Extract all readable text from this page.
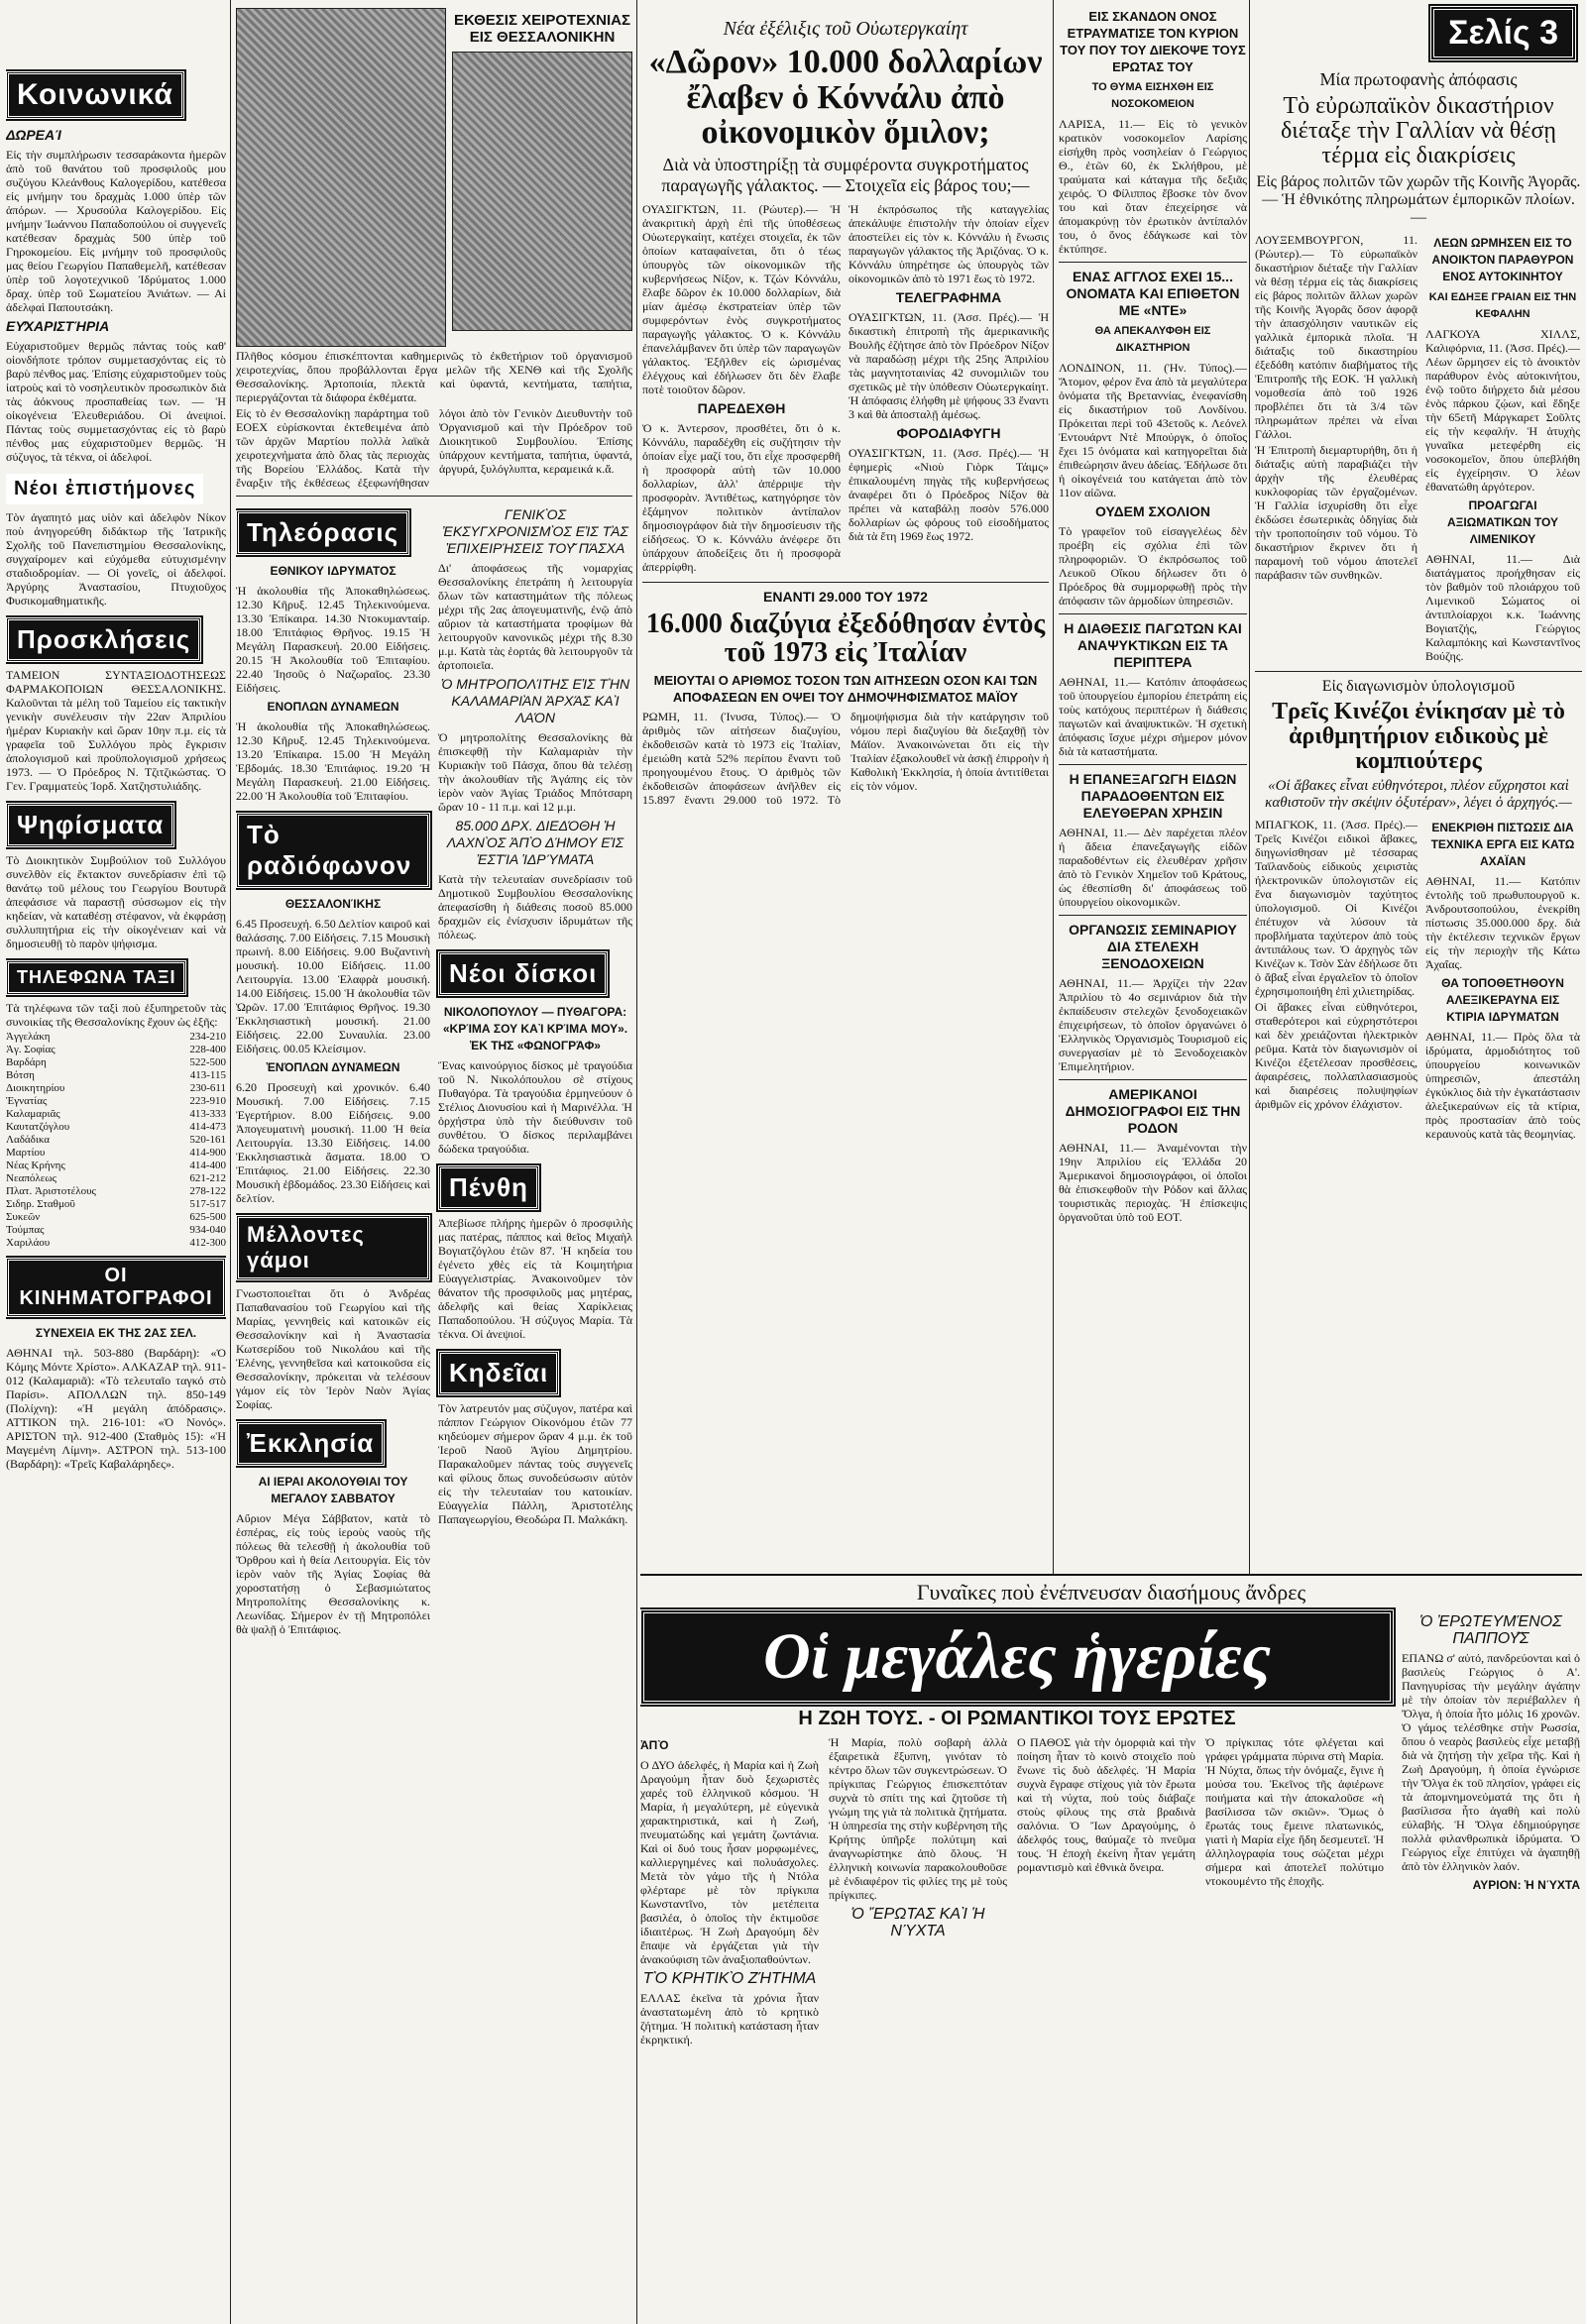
Κοινωνικά
ΔΩΡΕΑΊ

Εἰς τὴν συμπλήρωσιν τεσσαράκοντα ἡμερῶν ἀπὸ τοῦ θανάτου τοῦ προσφιλοῦς μου συζύγου Κλεάνθους Καλογερίδου, κατέθεσα εἰς μνήμην του δραχμὰς 1.000 ὑπὲρ τῶν ἀπόρων. — Χρυσούλα Καλογερίδου. Εἰς μνήμην Ἰωάννου Παπαδοπούλου οἱ συγγενεῖς κατέθεσαν δραχμὰς 500 ὑπὲρ τοῦ Γηροκομείου. Εἰς μνήμην τοῦ προσφιλοῦς μας θείου Γεωργίου Παπαθεμελῆ, κατέθεσαν ὑπὲρ τοῦ λογοτεχνικοῦ Ἰδρύματος 1.000 δραχ. ὑπὲρ τοῦ Σωματείου Ἀνιάτων. — Αἱ ἀδελφαὶ Παπουτσάκη.

ΕΥ̓ΧΑΡΙΣΤΉΡΙΑ

Εὐχαριστοῦμεν θερμῶς πάντας τοὺς καθ' οἱονδήποτε τρόπον συμμετασχόντας εἰς τὸ βαρὺ πένθος μας. Ἐπίσης εὐχαριστοῦμεν τοὺς ἰατροὺς καὶ τὸ νοσηλευτικὸν προσωπικὸν διὰ τὰς ἀόκνους προσπαθείας των. — Ἡ οἰκογένεια Ἐλευθεριάδου. Οἱ ἀνεψιοί. Πάντας τοὺς συμμετασχόντας εἰς τὸ βαρὺ πένθος μας εὐχαριστοῦμεν θερμῶς. Ἡ σύζυγος, τὰ τέκνα, οἱ ἀδελφοί.

Νέοι ἐπιστήμονες

Τὸν ἀγαπητό μας υἱὸν καὶ ἀδελφὸν Νίκον ποὺ ἀνηγορεύθη διδάκτωρ τῆς Ἰατρικῆς Σχολῆς τοῦ Πανεπιστημίου Θεσσαλονίκης, συγχαίρομεν καὶ εὐχόμεθα εὐτυχισμένην σταδιοδρομίαν. — Οἱ γονεῖς, οἱ ἀδελφοί. Ἀργύρης Ἀναστασίου, Πτυχιοῦχος Φυσικομαθηματικῆς.

Προσκλήσεις

ΤΑΜΕΙΟΝ ΣΥΝΤΑΞΙΟΔΟΤΗΣΕΩΣ ΦΑΡΜΑΚΟΠΟΙΩΝ ΘΕΣΣΑΛΟΝΙΚΗΣ. Καλοῦνται τὰ μέλη τοῦ Ταμείου εἰς τακτικὴν γενικὴν συνέλευσιν τὴν 22αν Ἀπριλίου ἡμέραν Κυριακὴν καὶ ὥραν 10ην π.μ. εἰς τὰ γραφεῖα τοῦ Συλλόγου πρὸς ἔγκρισιν ἀπολογισμοῦ καὶ προϋπολογισμοῦ χρήσεως 1973. — Ὁ Πρόεδρος Ν. Τζιτζικώστας. Ὁ Γεν. Γραμματεὺς Ἰορδ. Χατζηστυλιάδης.

Ψηφίσματα

Τὸ Διοικητικὸν Συμβούλιον τοῦ Συλλόγου συνελθὸν εἰς ἔκτακτον συνεδρίασιν ἐπὶ τῷ θανάτῳ τοῦ μέλους του Γεωργίου Βουτυρᾶ ἀπεφάσισε νὰ παραστῇ σύσσωμον εἰς τὴν κηδείαν, νὰ καταθέσῃ στέφανον, νὰ ἐκφράσῃ συλλυπητήρια εἰς τὴν οἰκογένειαν καὶ νὰ δημοσιευθῇ τὸ παρὸν ψήφισμα.

ΤΗΛΕΦΩΝΑ ΤΑΞΙ

Τὰ τηλέφωνα τῶν ταξὶ ποὺ ἐξυπηρετοῦν τὰς συνοικίας τῆς Θεσσαλονίκης ἔχουν ὡς ἑξῆς:

Ἀγγελάκη	234-210
Ἀγ. Σοφίας	228-400
Βαρδάρη	522-500
Βότση	413-115
Διοικητηρίου	230-611
Ἐγνατίας	223-910
Καλαμαριᾶς	413-333
Καυτατζόγλου	414-473
Λαδάδικα	520-161
Μαρτίου	414-900
Νέας Κρήνης	414-400
Νεαπόλεως	621-212
Πλατ. Ἀριστοτέλους	278-122
Σιδηρ. Σταθμοῦ	517-517
Συκεῶν	625-500
Τούμπας	934-040
Χαριλάου	412-300
ΟΙ ΚΙΝΗΜΑΤΟΓΡΑΦΟΙ
ΣΥΝΕΧΕΙΑ ΕΚ ΤΗΣ 2ΑΣ ΣΕΛ.

ΑΘΗΝΑΙ τηλ. 503-880 (Βαρδάρη): «Ὁ Κόμης Μόντε Χρίστο». ΑΛΚΑΖΑΡ τηλ. 911-012 (Καλαμαριᾶ): «Τὸ τελευταῖο ταγκό στὸ Παρίσι». ΑΠΟΛΛΩΝ τηλ. 850-149 (Πολίχνη): «Ἡ μεγάλη ἀπόδρασις». ΑΤΤΙΚΟΝ τηλ. 216-101: «Ὁ Νονός». ΑΡΙΣΤΟΝ τηλ. 912-400 (Σταθμὸς 15): «Ἡ Μαγεμένη Λίμνη». ΑΣΤΡΟΝ τηλ. 513-100 (Βαρδάρη): «Τρεῖς Καβαλάρηδες».

ΕΚΘΕΣΙΣ ΧΕΙΡΟΤΕΧΝΙΑΣ ΕΙΣ ΘΕΣΣΑΛΟΝΙΚΗΝ

Πλῆθος κόσμου ἐπισκέπτονται καθημερινῶς τὸ ἐκθετήριον τοῦ ὀργανισμοῦ χειροτεχνίας, ὅπου προβάλλονται ἔργα μελῶν τῆς ΧΕΝΘ καὶ τῆς Σχολῆς Θεσσαλονίκης. Ἀρτοποιία, πλεκτὰ καὶ ὑφαντά, κεντήματα, ταπήτια, περιεργάζονται τὰ διάφορα ἐκθέματα.

Εἰς τὸ ἐν Θεσσαλονίκῃ παράρτημα τοῦ ΕΟΕΧ εὑρίσκονται ἐκτεθειμένα ἀπὸ τῶν ἀρχῶν Μαρτίου πολλὰ λαϊκὰ χειροτεχνήματα ἀπὸ ὅλας τὰς περιοχὰς τῆς Βορείου Ἑλλάδος. Κατὰ τὴν ἔναρξιν τῆς ἐκθέσεως ἐξεφωνήθησαν λόγοι ἀπὸ τὸν Γενικὸν Διευθυντὴν τοῦ Ὀργανισμοῦ καὶ τὴν Πρόεδρον τοῦ Διοικητικοῦ Συμβουλίου. Ἐπίσης ὑπάρχουν κεντήματα, ταπήτια, ὑφαντά, ἀργυρά, ξυλόγλυπτα, κεραμεικά κ.ἄ.

Τηλεόρασις
ΕΘΝΙΚΟΥ ΙΔΡΥΜΑΤΟΣ

Ἡ ἀκολουθία τῆς Ἀποκαθηλώσεως. 12.30 Κῆρυξ. 12.45 Τηλεκινούμενα. 13.30 Ἐπίκαιρα. 14.30 Ντοκυμανταίρ. 18.00 Ἐπιτάφιος Θρῆνος. 19.15 Ἡ Μεγάλη Παρασκευή. 20.00 Εἰδήσεις. 20.15 Ἡ Ἀκολουθία τοῦ Ἐπιταφίου. 22.40 Ἰησοῦς ὁ Ναζωραῖος. 23.30 Εἰδήσεις.

ΕΝΟΠΛΩΝ ΔΥΝΑΜΕΩΝ

Ἡ ἀκολουθία τῆς Ἀποκαθηλώσεως. 12.30 Κῆρυξ. 12.45 Τηλεκινούμενα. 13.20 Ἐπίκαιρα. 15.00 Ἡ Μεγάλη Ἑβδομάς. 18.30 Ἐπιτάφιος. 19.20 Ἡ Μεγάλη Παρασκευή. 21.00 Εἰδήσεις. 22.00 Ἡ Ἀκολουθία τοῦ Ἐπιταφίου.

Τὸ ραδιόφωνον
ΘΕΣΣΑΛΟΝΊΚΗΣ

6.45 Προσευχή. 6.50 Δελτίον καιροῦ καὶ θαλάσσης. 7.00 Εἰδήσεις. 7.15 Μουσικὴ πρωινή. 8.00 Εἰδήσεις. 9.00 Βυζαντινὴ μουσική. 10.00 Εἰδήσεις. 11.00 Λειτουργία. 13.00 Ἑλαφρὰ μουσική. 14.00 Εἰδήσεις. 15.00 Ἡ ἀκολουθία τῶν Ὡρῶν. 17.00 Ἐπιτάφιος Θρῆνος. 19.30 Ἐκκλησιαστικὴ μουσική. 21.00 Εἰδήσεις. 22.00 Συναυλία. 23.00 Εἰδήσεις. 00.05 Κλείσιμον.

ἘΝΌΠΛΩΝ ΔΥΝΆΜΕΩΝ

6.20 Προσευχὴ καὶ χρονικόν. 6.40 Μουσική. 7.00 Εἰδήσεις. 7.15 Ἐγερτήριον. 8.00 Εἰδήσεις. 9.00 Ἀπογευματινὴ μουσική. 11.00 Ἡ θεία Λειτουργία. 13.30 Εἰδήσεις. 14.00 Ἐκκλησιαστικὰ ἄσματα. 18.00 Ὁ Ἐπιτάφιος. 21.00 Εἰδήσεις. 22.30 Μουσικὴ ἑβδομάδος. 23.30 Εἰδήσεις καὶ δελτίον.

Μέλλοντες γάμοι

Γνωστοποιεῖται ὅτι ὁ Ἀνδρέας Παπαθανασίου τοῦ Γεωργίου καὶ τῆς Μαρίας, γεννηθεὶς καὶ κατοικῶν εἰς Θεσσαλονίκην καὶ ἡ Ἀναστασία Κωτσερίδου τοῦ Νικολάου καὶ τῆς Ἑλένης, γεννηθεῖσα καὶ κατοικοῦσα εἰς Θεσσαλονίκην, πρόκειται νὰ τελέσουν γάμον εἰς τὸν Ἱερὸν Ναὸν Ἁγίας Σοφίας.

Ἐκκλησία
ΑΙ ΙΕΡΑΙ ΑΚΟΛΟΥΘΙΑΙ ΤΟΥ ΜΕΓΑΛΟΥ ΣΑΒΒΑΤΟΥ

Αὔριον Μέγα Σάββατον, κατὰ τὸ ἑσπέρας, εἰς τοὺς ἱεροὺς ναοὺς τῆς πόλεως θὰ τελεσθῇ ἡ ἀκολουθία τοῦ Ὄρθρου καὶ ἡ θεία Λειτουργία. Εἰς τὸν ἱερὸν ναὸν τῆς Ἁγίας Σοφίας θὰ χοροστατήσῃ ὁ Σεβασμιώτατος Μητροπολίτης Θεσσαλονίκης κ. Λεωνίδας. Σήμερον ἐν τῇ Μητροπόλει θὰ ψαλῇ ὁ Ἐπιτάφιος.

ΓΕΝΙΚῸΣ ἘΚΣΥΓΧΡΟΝΙΣΜῸΣ ΕἸΣ ΤᾺΣ ἘΠΙΧΕΙΡΉΣΕΙΣ ΤΟΥ͂ ΠΆΣΧΑ

Δι' ἀποφάσεως τῆς νομαρχίας Θεσσαλονίκης ἐπετράπη ἡ λειτουργία ὅλων τῶν καταστημάτων τῆς πόλεως μέχρι τῆς 2ας ἀπογευματινῆς, ἐνῷ ἀπὸ αὔριον τὰ καταστήματα τροφίμων θὰ λειτουργοῦν κανονικῶς μέχρι τῆς 8.30 μ.μ. Κατὰ τὰς ἑορτάς θὰ λειτουργοῦν τὰ ἀρτοποιεῖα.

Ὁ ΜΗΤΡΟΠΟΛΊΤΗΣ ΕἸΣ ΤῊΝ ΚΑΛΑΜΑΡΙᾺΝ ἈΡΧΆΣ ΚΑῚ ΛΑΌΝ

Ὁ μητροπολίτης Θεσσαλονίκης θὰ ἐπισκεφθῇ τὴν Καλαμαριὰν τὴν Κυριακὴν τοῦ Πάσχα, ὅπου θὰ τελέσῃ τὴν ἀκολουθίαν τῆς Ἀγάπης εἰς τὸν ἱερὸν ναὸν Ἁγίας Τριάδος Μπότσαρη ὥραν 10 - 11 π.μ. καὶ 12 μ.μ.

85.000 ΔΡΧ. ΔΙΕΔΌΘΗ Ἡ ΛΑΧΝῸΣ ἈΠῸ ΔΉΜΟΥ ΕἸΣ ἘΣΤΊΑ ἹΔΡΎΜΑΤΑ

Κατὰ τὴν τελευταίαν συνεδρίασιν τοῦ Δημοτικοῦ Συμβουλίου Θεσσαλονίκης ἀπεφασίσθη ἡ διάθεσις ποσοῦ 85.000 δραχμῶν εἰς ἐνίσχυσιν ἱδρυμάτων τῆς πόλεως.

Νέοι δίσκοι
ΝΙΚΟΛΟΠΟΥΛΟΥ — ΠΥΘΑΓΟΡΑ: «ΚΡΊΜΑ ΣΟΥ ΚΑῚ ΚΡΊΜΑ ΜΟΥ». ἘΚ ΤΗ͂Σ «ΦΩΝΟΓΡΆΦ»

Ἕνας καινούργιος δίσκος μὲ τραγούδια τοῦ Ν. Νικολόπουλου σὲ στίχους Πυθαγόρα. Τὰ τραγούδια ἑρμηνεύουν ὁ Στέλιος Διονυσίου καὶ ἡ Μαρινέλλα. Ἡ ὀρχήστρα ὑπὸ τὴν διεύθυνσιν τοῦ συνθέτου. Ὁ δίσκος περιλαμβάνει δώδεκα τραγούδια.

Πένθη

Ἀπεβίωσε πλήρης ἡμερῶν ὁ προσφιλὴς μας πατέρας, πάππος καὶ θεῖος Μιχαὴλ Βογιατζόγλου ἐτῶν 87. Ἡ κηδεία του ἐγένετο χθὲς εἰς τὰ Κοιμητήρια Εὐαγγελιστρίας. Ἀνακοινοῦμεν τὸν θάνατον τῆς προσφιλοῦς μας μητέρας, ἀδελφῆς καὶ θείας Χαρίκλειας Παπαδοπούλου. Ἡ σύζυγος Μαρία. Τὰ τέκνα. Οἱ ἀνεψιοί.

Κηδεῖαι

Τὸν λατρευτόν μας σύζυγον, πατέρα καὶ πάππον Γεώργιον Οἰκονόμου ἐτῶν 77 κηδεύομεν σήμερον ὥραν 4 μ.μ. ἐκ τοῦ Ἱεροῦ Ναοῦ Ἁγίου Δημητρίου. Παρακαλοῦμεν πάντας τοὺς συγγενεῖς καὶ φίλους ὅπως συνοδεύσωσιν αὐτὸν εἰς τὴν τελευταίαν του κατοικίαν. Εὐαγγελία Πάλλη, Ἀριστοτέλης Παπαγεωργίου, Θεοδώρα Π. Μαλκάκη.

Νέα ἐξέλιξις τοῦ Οὐωτεργκαίητ
«Δῶρον» 10.000 δολλαρίων ἔλαβεν ὁ Κόννάλυ ἀπὸ οἰκονομικὸν ὅμιλον;
Διὰ νὰ ὑποστηρίξῃ τὰ συμφέροντα συγκροτήματος παραγωγῆς γάλακτος. — Στοιχεῖα εἰς βάρος του;—

ΟΥΑΣΙΓΚΤΩΝ, 11. (Ρώυτερ).— Ἡ ἀνακριτικὴ ἀρχὴ ἐπὶ τῆς ὑποθέσεως Οὐωτεργκαίητ, κατέχει στοιχεῖα, ἐκ τῶν ὁποίων καταφαίνεται, ὅτι ὁ τέως ὑπουργὸς τῶν οἰκονομικῶν τῆς κυβερνήσεως Νίξον, κ. Τζών Κόννάλυ, ἔλαβε δῶρον ἐκ 10.000 δολλαρίων, διὰ μίαν ἀμέσῳ ἐκστρατείαν ὑπὲρ τῶν συμφερόντων ἑνὸς συγκροτήματος παραγωγῆς γάλακτος. Ὁ κ. Κόννάλυ ἐπανελάμβανεν ὅτι ὑπὲρ τῶν παραγωγῶν γάλακτος. Ἐξῆλθεν εἰς ὡρισμένας ἐλέγχους καὶ ἐδήλωσεν ὅτι δὲν ἔλαβε ποτὲ τοιοῦτον δῶρον.

ΠΑΡΕΔΕΧΘΗ

Ὁ κ. Ἀντερσον, προσθέτει, ὅτι ὁ κ. Κόννάλυ, παραδέχθη εἰς συζήτησιν τὴν ὁποίαν εἶχε μαζί του, ὅτι εἶχε προσφερθῆ ἡ προσφορὰ αὐτὴ τῶν 10.000 δολλαρίων, ἀλλ' ἀπέρριψε τὴν προσφορὰν. Ἀντιθέτως, κατηγόρησε τὸν ἑξάμηνον πολιτικὸν ἀντίπαλον δημοσιογράφον διὰ τὴν δημοσίευσιν τῆς εἰδήσεως. Ὁ κ. Κόννάλυ ἀνέφερε ὅτι ὑπάρχουν ἀποδείξεις ὅτι ἡ προσφορὰ ἀπερρίφθη.

Ἡ ἐκπρόσωπος τῆς καταγγελίας ἀπεκάλυψε ἐπιστολὴν τὴν ὁποίαν εἶχεν ἀποστείλει εἰς τὸν κ. Κόννάλυ ἡ ἕνωσις παραγωγῶν γάλακτος τῆς Ἀριζόνας. Ὁ κ. Κόννάλυ ὑπηρέτησε ὡς ὑπουργὸς τῶν οἰκονομικῶν ἀπὸ τὸ 1971 ἕως τὸ 1972.

ΤΕΛΕΓΡΑΦΗΜΑ

ΟΥΑΣΙΓΚΤΩΝ, 11. (Ἀσσ. Πρές).— Ἡ δικαστικὴ ἐπιτροπὴ τῆς ἀμερικανικῆς Βουλῆς ἐζήτησε ἀπὸ τὸν Πρόεδρον Νίξον νὰ παραδώσῃ μέχρι τῆς 25ης Ἀπριλίου τὰς μαγνητοταινίας 42 συνομιλιῶν του σχετικῶς μὲ τὴν ὑπόθεσιν Οὐωτεργκαίητ. Ἡ ἀπόφασις ἐλήφθη μὲ ψήφους 33 ἔναντι 3 καὶ θὰ ἀποσταλῇ ἀμέσως.

ΦΟΡΟΔΙΑΦΥΓΗ

ΟΥΑΣΙΓΚΤΩΝ, 11. (Ἀσσ. Πρές).— Ἡ ἐφημερὶς «Νιοὺ Γιὸρκ Τάιμς» ἐπικαλουμένη πηγὰς τῆς κυβερνήσεως ἀναφέρει ὅτι ὁ Πρόεδρος Νίξον θὰ πρέπει νὰ καταβάλῃ ποσὸν 576.000 δολλαρίων ὡς φόρους τοῦ εἰσοδήματος διὰ τὰ ἔτη 1969 ἕως 1972.

ΕΝΑΝΤΙ 29.000 ΤΟΥ 1972
16.000 διαζύγια ἐξεδόθησαν ἐντὸς τοῦ 1973 εἰς Ἰταλίαν
ΜΕΙΟΥΤΑΙ Ο ΑΡΙΘΜΟΣ ΤΟΣΟΝ ΤΩΝ ΑΙΤΗΣΕΩΝ ΟΣΟΝ ΚΑΙ ΤΩΝ ΑΠΟΦΑΣΕΩΝ ΕΝ ΟΨΕΙ ΤΟΥ ΔΗΜΟΨΗΦΙΣΜΑΤΟΣ ΜΑΪΟΥ

ΡΩΜΗ, 11. (Ἰνυσα, Τύπος).— Ὁ ἀριθμὸς τῶν αἰτήσεων διαζυγίου, ἐκδοθεισῶν κατὰ τὸ 1973 εἰς Ἰταλίαν, ἐμειώθη κατὰ 52% περίπου ἔναντι τοῦ προηγουμένου ἔτους. Ὁ ἀριθμὸς τῶν ἐκδοθεισῶν ἀποφάσεων ἀνῆλθεν εἰς 15.897 ἔναντι 29.000 τοῦ 1972. Τὸ δημοψήφισμα διὰ τὴν κατάργησιν τοῦ νόμου περὶ διαζυγίου θὰ διεξαχθῇ τὸν Μάϊον. Ἀνακοινώνεται ὅτι εἰς τὴν Ἰταλίαν ἐξακολουθεῖ νὰ ἀσκῇ ἐπιρροὴν ἡ Καθολικὴ Ἐκκλησία, ἡ ὁποία ἀντιτίθεται εἰς τὸν νόμον.

ΕΙΣ ΣΚΑΝΔΟΝ ΟΝΟΣ ΕΤΡΑΥΜΑΤΙΣΕ ΤΟΝ ΚΥΡΙΟΝ ΤΟΥ ΠΟΥ ΤΟΥ ΔΙΕΚΟΨΕ ΤΟΥΣ ΕΡΩΤΑΣ ΤΟΥ
ΤΟ ΘΥΜΑ ΕΙΣΗΧΘΗ ΕΙΣ ΝΟΣΟΚΟΜΕΙΟΝ

ΛΑΡΙΣΑ, 11.— Εἰς τὸ γενικὸν κρατικὸν νοσοκομεῖον Λαρίσης εἰσήχθη πρὸς νοσηλείαν ὁ Γεώργιος Θ., ἐτῶν 60, ἐκ Σκλήθρου, μὲ τραύματα καὶ κάταγμα τῆς δεξιᾶς χειρός. Ὁ Φίλιππος ἔβοσκε τὸν ὄνον του καὶ ὅταν ἐπεχείρησε νὰ ἀπομακρύνῃ τὸν ἐρωτικὸν ἀντίπαλόν του, ὁ ὄνος ἐδάγκωσε καὶ τὸν ἐκτύπησε.

ΕΝΑΣ ΑΓΓΛΟΣ ΕΧΕΙ 15... ΟΝΟΜΑΤΑ ΚΑΙ ΕΠΙΘΕΤΟΝ ΜΕ «ΝΤΕ»
ΘΑ ΑΠΕΚΑΛΥΦΘΗ ΕΙΣ ΔΙΚΑΣΤΗΡΙΟΝ

ΛΟΝΔΙΝΟΝ, 11. (Ἠν. Τύπος).— Ἄτομον, φέρον ἕνα ἀπὸ τὰ μεγαλύτερα ὀνόματα τῆς Βρεταννίας, ἐνεφανίσθη εἰς δικαστήριον τοῦ Λονδίνου. Πρόκειται περὶ τοῦ 43ετοῦς κ. Λεόνελ Ἐντουάρντ Ντὲ Μπούργκ, ὁ ὁποῖος ἔχει 15 ὀνόματα καὶ κατηγορεῖται διὰ ἐπιθεώρησιν ἄνευ ἀδείας. Ἐδήλωσε ὅτι ἡ οἰκογένειά του κατάγεται ἀπὸ τὸν 11ον αἰῶνα.

ΟΥΔΕΜ ΣΧΟΛΙΟΝ

Τὸ γραφεῖον τοῦ εἰσαγγελέως δὲν προέβη εἰς σχόλια ἐπὶ τῶν πληροφοριῶν. Ὁ ἐκπρόσωπος τοῦ Λευκοῦ Οἴκου δήλωσεν ὅτι ὁ Πρόεδρος θὰ συμμορφωθῇ πρὸς τὴν ἀπόφασιν τῶν ἁρμοδίων ὑπηρεσιῶν.

Η ΔΙΑΘΕΣΙΣ ΠΑΓΩΤΩΝ ΚΑΙ ΑΝΑΨΥΚΤΙΚΩΝ ΕΙΣ ΤΑ ΠΕΡΙΠΤΕΡΑ

ΑΘΗΝΑΙ, 11.— Κατόπιν ἀποφάσεως τοῦ ὑπουργείου ἐμπορίου ἐπετράπη εἰς τοὺς κατόχους περιπτέρων ἡ διάθεσις παγωτῶν καὶ ἀναψυκτικῶν. Ἡ σχετικὴ ἀπόφασις ἴσχυε μέχρι σήμερον μόνον διὰ τὰ καταστήματα.

Η ΕΠΑΝΕΞΑΓΩΓΗ ΕΙΔΩΝ ΠΑΡΑΔΟΘΕΝΤΩΝ ΕΙΣ ΕΛΕΥΘΕΡΑΝ ΧΡΗΣΙΝ

ΑΘΗΝΑΙ, 11.— Δὲν παρέχεται πλέον ἡ ἄδεια ἐπανεξαγωγῆς εἰδῶν παραδοθέντων εἰς ἐλευθέραν χρῆσιν ἀπὸ τὸ Γενικὸν Χημεῖον τοῦ Κράτους, ὡς ἐθεσπίσθη δι' ἀποφάσεως τοῦ ὑπουργείου οἰκονομικῶν.

ΟΡΓΑΝΩΣΙΣ ΣΕΜΙΝΑΡΙΟΥ ΔΙΑ ΣΤΕΛΕΧΗ ΞΕΝΟΔΟΧΕΙΩΝ

ΑΘΗΝΑΙ, 11.— Ἀρχίζει τὴν 22αν Ἀπριλίου τὸ 4ο σεμινάριον διὰ τὴν ἐκπαίδευσιν στελεχῶν ξενοδοχειακῶν ἐπιχειρήσεων, τὸ ὁποῖον ὀργανώνει ὁ Ἑλληνικὸς Ὀργανισμὸς Τουρισμοῦ εἰς συνεργασίαν μὲ τὸ Ξενοδοχειακὸν Ἐπιμελητήριον.

ΑΜΕΡΙΚΑΝΟΙ ΔΗΜΟΣΙΟΓΡΑΦΟΙ ΕΙΣ ΤΗΝ ΡΟΔΟΝ

ΑΘΗΝΑΙ, 11.— Ἀναμένονται τὴν 19ην Ἀπριλίου εἰς Ἑλλάδα 20 Ἀμερικανοὶ δημοσιογράφοι, οἱ ὁποῖοι θὰ ἐπισκεφθοῦν τὴν Ρόδον καὶ ἄλλας τουριστικὰς περιοχὰς. Ἡ ἐπίσκεψις ὀργανοῦται ὑπὸ τοῦ ΕΟΤ.

Μία πρωτοφανὴς ἀπόφασις
Τὸ εὐρωπαϊκὸν δικαστήριον διέταξε τὴν Γαλλίαν νὰ θέσῃ τέρμα εἰς διακρίσεις
Εἰς βάρος πολιτῶν τῶν χωρῶν τῆς Κοινῆς Ἀγορᾶς. — Ἡ ἐθνικότης πληρωμάτων ἐμπορικῶν πλοίων. —

ΛΟΥΞΕΜΒΟΥΡΓΟΝ, 11. (Ρώυτερ).— Τὸ εὐρωπαϊκὸν δικαστήριον διέταξε τὴν Γαλλίαν νὰ θέσῃ τέρμα εἰς τὰς διακρίσεις εἰς βάρος πολιτῶν ἄλλων χωρῶν τῆς Κοινῆς Ἀγορᾶς ὅσον ἀφορᾷ τὴν ἀπασχόλησιν ναυτικῶν εἰς γαλλικὰ ἐμπορικὰ πλοῖα. Ἡ διάταξις τοῦ δικαστηρίου ἐξεδόθη κατόπιν διαβήματος τῆς Ἐπιτροπῆς τῆς ΕΟΚ. Ἡ γαλλικὴ νομοθεσία ἀπὸ τοῦ 1926 προβλέπει ὅτι τὰ 3/4 τῶν πληρωμάτων πρέπει νὰ εἶναι Γάλλοι.

Ἡ Ἐπιτροπὴ διεμαρτυρήθη, ὅτι ἡ διάταξις αὐτὴ παραβιάζει τὴν ἀρχὴν τῆς ἐλευθέρας κυκλοφορίας τῶν ἐργαζομένων. Ἡ Γαλλία ἰσχυρίσθη ὅτι εἶχε ἐκδώσει ἐσωτερικὰς ὁδηγίας διὰ τὴν τροποποίησιν τοῦ νόμου. Τὸ δικαστήριον ἔκρινεν ὅτι ἡ παραμονὴ τοῦ νόμου ἀποτελεῖ παράβασιν τῶν συνθηκῶν.

ΛΕΩΝ ΩΡΜΗΣΕΝ ΕΙΣ ΤΟ ΑΝΟΙΚΤΟΝ ΠΑΡΑΘΥΡΟΝ ΕΝΟΣ ΑΥΤΟΚΙΝΗΤΟΥ
ΚΑΙ ΕΔΗΞΕ ΓΡΑΙΑΝ ΕΙΣ ΤΗΝ ΚΕΦΑΛΗΝ

ΛΑΓΚΟΥΑ ΧΙΛΛΣ, Καλιφόρνια, 11. (Ἀσσ. Πρές).— Λέων ὥρμησεν εἰς τὸ ἀνοικτὸν παράθυρον ἑνὸς αὐτοκινήτου, ἐνῷ τοῦτο διήρχετο διὰ μέσου ἑνὸς πάρκου ζῴων, καὶ ἔδηξε τὴν 65ετῆ Μάργκαρετ Σοῦλτς εἰς τὴν κεφαλήν. Ἡ ἀτυχὴς γυναῖκα μετεφέρθη εἰς νοσοκομεῖον, ὅπου ὑπεβλήθη εἰς ἐγχείρησιν. Ὁ λέων ἐθανατώθη ἀργότερον.

ΠΡΟΑΓΩΓΑΙ ΑΞΙΩΜΑΤΙΚΩΝ ΤΟΥ ΛΙΜΕΝΙΚΟΥ

ΑΘΗΝΑΙ, 11.— Διὰ διατάγματος προήχθησαν εἰς τὸν βαθμὸν τοῦ πλοιάρχου τοῦ Λιμενικοῦ Σώματος οἱ ἀντιπλοίαρχοι κ.κ. Ἰωάννης Βογιατζής, Γεώργιος Καλαμπόκης καὶ Κωνσταντῖνος Βούζης.

Εἰς διαγωνισμὸν ὑπολογισμοῦ
Τρεῖς Κινέζοι ἐνίκησαν μὲ τὸ ἀριθμητήριον ειδικοὺς μὲ κομπιούτερς
«Οἱ ἄβακες εἶναι εὐθηνότεροι, πλέον εὔχρηστοι καὶ καθιστοῦν τὴν σκέψιν ὀξυτέραν», λέγει ὁ ἀρχηγός.—

ΜΠΑΓΚΟΚ, 11. (Ἀσσ. Πρές).— Τρεῖς Κινέζοι ειδικοὶ ἄβακες, διηγωνίσθησαν μὲ τέσσαρας Ταϊλανδοὺς εἰδικοὺς χειριστὰς ἠλεκτρονικῶν ὑπολογιστῶν εἰς ἕνα διαγωνισμὸν ταχύτητος ὑπολογισμοῦ. Οἱ Κινέζοι ἐπέτυχον νὰ λύσουν τὰ προβλήματα ταχύτερον ἀπὸ τοὺς ἀντιπάλους των. Ὁ ἀρχηγὸς τῶν Κινέζων κ. Τσὸν Σὰν ἐδήλωσε ὅτι ὁ ἄβαξ εἶναι ἐργαλεῖον τὸ ὁποῖον ἐχρησιμοποιήθη ἐπὶ χιλιετηρίδας.

Οἱ ἄβακες εἶναι εὐθηνότεροι, σταθερότεροι καὶ εὐχρηστότεροι καὶ δὲν χρειάζονται ἠλεκτρικὸν ρεῦμα. Κατὰ τὸν διαγωνισμὸν οἱ Κινέζοι ἐξετέλεσαν προσθέσεις, ἀφαιρέσεις, πολλαπλασιασμοὺς καὶ διαιρέσεις πολυψηφίων ἀριθμῶν εἰς χρόνον ἐλάχιστον.

ΕΝΕΚΡΙΘΗ ΠΙΣΤΩΣΙΣ ΔΙΑ ΤΕΧΝΙΚΑ ΕΡΓΑ ΕΙΣ ΚΑΤΩ ΑΧΑΪΑΝ

ΑΘΗΝΑΙ, 11.— Κατόπιν ἐντολῆς τοῦ πρωθυπουργοῦ κ. Ἀνδρουτσοπούλου, ἐνεκρίθη πίστωσις 35.000.000 δρχ. διὰ τὴν ἐκτέλεσιν τεχνικῶν ἔργων εἰς τὴν περιοχὴν τῆς Κάτω Ἀχαΐας.

ΘΑ ΤΟΠΟΘΕΤΗΘΟΥΝ ΑΛΕΞΙΚΕΡΑΥΝΑ ΕΙΣ ΚΤΙΡΙΑ ΙΔΡΥΜΑΤΩΝ

ΑΘΗΝΑΙ, 11.— Πρὸς ὅλα τὰ ἱδρύματα, ἁρμοδιότητος τοῦ ὑπουργείου κοινωνικῶν ὑπηρεσιῶν, ἀπεστάλη ἐγκύκλιος διὰ τὴν ἐγκατάστασιν ἀλεξικεραύνων εἰς τὰ κτίρια, πρὸς προστασίαν ἀπὸ τοὺς κεραυνοὺς κατὰ τὰς θεομηνίας.

Σελίς 3
Γυναῖκες ποὺ ἐνέπνευσαν διασήμους ἄνδρες
Οἱ μεγάλες ἡγερίες
Η ΖΩΗ ΤΟΥΣ. - ΟΙ ΡΩΜΑΝΤΙΚΟΙ ΤΟΥΣ ΕΡΩΤΕΣ
ἈΠῸ

Ο ΔΥΟ ἀδελφές, ἡ Μαρία καὶ ἡ Ζωὴ Δραγούμη ἦταν δυὸ ξεχωριστὲς χαρές τοῦ ἑλληνικοῦ κόσμου. Ἡ Μαρία, ἡ μεγαλύτερη, μὲ εὐγενικὰ χαρακτηριστικά, καὶ ἡ Ζωή, πνευματώδης καὶ γεμάτη ζωντάνια. Καὶ οἱ δυό τους ἦσαν μορφωμένες, καλλιεργημένες καὶ πολυάσχολες. Μετὰ τὸν γάμο τῆς ἡ Ντόλα φλέρταρε μὲ τὸν πρίγκιπα Κωνσταντῖνο, τὸν μετέπειτα βασιλέα, ὁ ὁποῖος τὴν ἐκτιμοῦσε ἰδιαιτέρως. Ἡ Ζωὴ Δραγούμη δὲν ἔπαψε νὰ ἐργάζεται γιὰ τὴν ἀνακούφιση τῶν ἀναξιοπαθούντων.

ΤῸ ΚΡΗΤΙΚῸ ΖΉΤΗΜΑ

ΕΛΛΑΣ ἐκεῖνα τὰ χρόνια ἦταν ἀναστατωμένη ἀπὸ τὸ κρητικὸ ζήτημα. Ἡ πολιτικὴ κατάσταση ἦταν ἐκρηκτική.

Ἡ Μαρία, πολὺ σοβαρὴ ἀλλὰ ἐξαιρετικὰ ἔξυπνη, γινόταν τὸ κέντρο ὅλων τῶν συγκεντρώσεων. Ὁ πρίγκιπας Γεώργιος ἐπισκεπτόταν συχνὰ τὸ σπίτι της καὶ ζητοῦσε τὴ γνώμη της γιὰ τὰ πολιτικὰ ζητήματα. Ἡ ὑπηρεσία της στὴν κυβέρνηση τῆς Κρήτης ὑπῆρξε πολύτιμη καὶ ἀναγνωρίστηκε ἀπὸ ὅλους. Ἡ ἑλληνικὴ κοινωνία παρακολουθοῦσε μὲ ἐνδιαφέρον τὶς φιλίες της μὲ τοὺς πρίγκιπες.

Ὁ ἜΡΩΤΑΣ ΚΑῚ Ἡ ΝΎΧΤΑ

Ο ΠΑΘΟΣ γιὰ τὴν ὀμορφιὰ καὶ τὴν ποίηση ἦταν τὸ κοινὸ στοιχεῖο ποὺ ἕνωνε τὶς δυὸ ἀδελφές. Ἡ Μαρία συχνὰ ἔγραφε στίχους γιὰ τὸν ἔρωτα καὶ τὴ νύχτα, ποὺ τοὺς διάβαζε στοὺς φίλους της στὰ βραδινὰ σαλόνια. Ὁ Ἴων Δραγούμης, ὁ ἀδελφός τους, θαύμαζε τὸ πνεῦμα τους. Ἡ ἐποχὴ ἐκείνη ἦταν γεμάτη ρομαντισμὸ καὶ ἐθνικὰ ὄνειρα.

Ὁ πρίγκιπας τότε φλέγεται καὶ γράφει γράμματα πύρινα στὴ Μαρία. Ἡ Νύχτα, ὅπως τὴν ὀνόμαζε, ἔγινε ἡ μούσα του. Ἐκεῖνος τῆς ἀφιέρωνε ποιήματα καὶ τὴν ἀποκαλοῦσε «ἡ βασίλισσα τῶν σκιῶν». Ὅμως ὁ ἔρωτάς τους ἔμεινε πλατωνικός, γιατὶ ἡ Μαρία εἶχε ἤδη δεσμευτεῖ. Ἡ ἀλληλογραφία τους σώζεται μέχρι σήμερα καὶ ἀποτελεῖ πολύτιμο ντοκουμέντο τῆς ἐποχῆς.

Ὁ ἘΡΩΤΕΥΜΈΝΟΣ ΠΑΠΠΟΥ͂Σ

ΕΠΑΝΩ σ' αὐτό, πανδρεύονται καὶ ὁ βασιλεὺς Γεώργιος ὁ Α'. Πανηγυρίσας τὴν μεγάλην ἀγάπην μὲ τὴν ὁποίαν τὸν περιέβαλλεν ἡ Ὄλγα, ἡ ὁποία ἦτο μόλις 16 χρονῶν. Ὁ γάμος τελέσθηκε στὴν Ρωσσία, ὅπου ὁ νεαρὸς βασιλεὺς εἶχε μεταβῇ διὰ νὰ ζητήσῃ τὴν χεῖρα τῆς. Καὶ ἡ Ζωὴ Δραγούμη, ἡ ὁποία ἐγνώρισε τὴν Ὄλγα ἐκ τοῦ πλησίον, γράφει εἰς τὰ ἀπομνημονεύματά της ὅτι ἡ βασίλισσα ἦτο ἀγαθὴ καὶ πολὺ εὐλαβής. Ἡ Ὄλγα ἐδημιούργησε πολλὰ φιλανθρωπικὰ ἱδρύματα. Ὁ Γεώργιος εἶχε ἐπιτύχει νὰ ἀγαπηθῇ ἀπὸ τὸν ἑλληνικὸν λαόν.

ΑΥΡΙΟΝ: Ἡ ΝΎΧΤΑ
